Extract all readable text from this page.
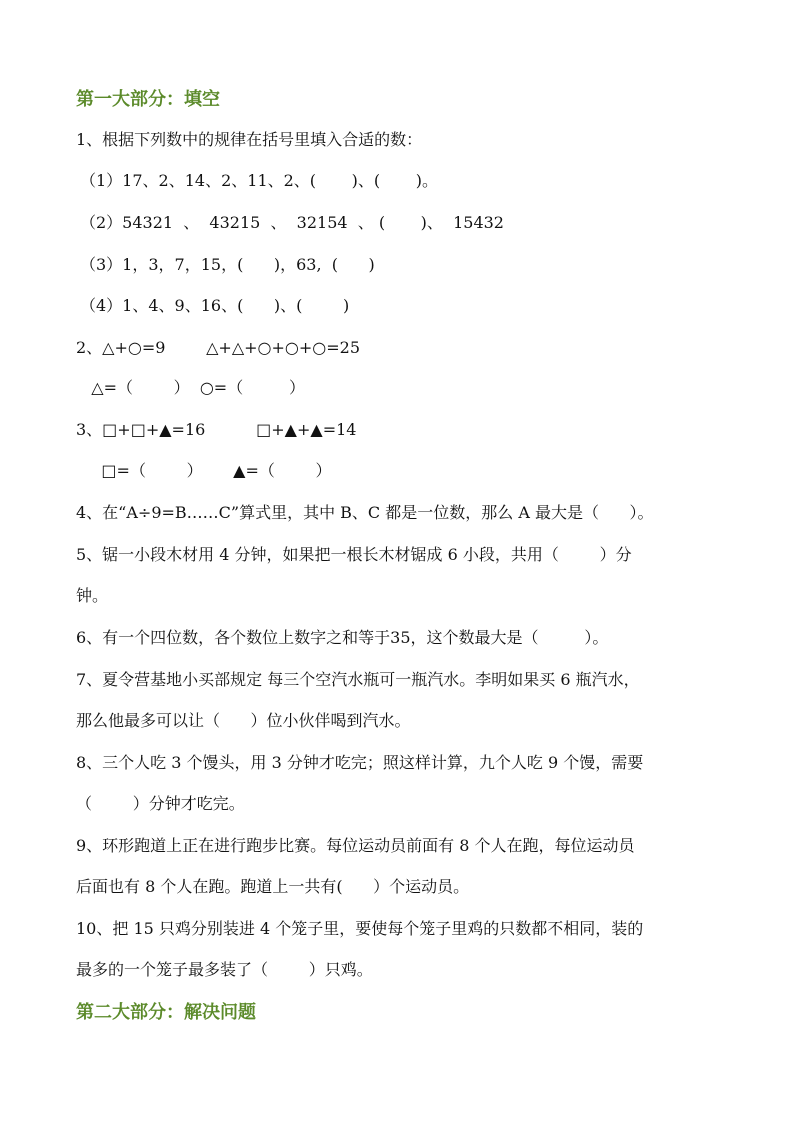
第一大部分：填空
1、根据下列数中的规律在括号里填入合适的数：
（1）17、2、14、2、11、2、(       )、(       )。
（2）54321  、  43215  、  32154  、 (       )、  15432
（3）1，3，7，15，(      )，63,  (      )
（4）1、4、9、16、(      )、(        )
2、△+○=9        △+△+○+○+○=25
△=（        ）  ○=（         ）
3、□+□+▲=16          □+▲+▲=14
□=（        ）      ▲=（        ）
4、在“A÷9=B……C”算式里，其中 B、C 都是一位数，那么 A 最大是（      ）。
5、锯一小段木材用 4 分钟，如果把一根长木材锯成 6 小段，共用（        ）分
钟。
6、有一个四位数，各个数位上数字之和等于35，这个数最大是（         ）。
7、夏令营基地小买部规定 每三个空汽水瓶可一瓶汽水。李明如果买 6 瓶汽水，
那么他最多可以让（      ）位小伙伴喝到汽水。
8、三个人吃 3 个馒头，用 3 分钟才吃完；照这样计算，九个人吃 9 个馒，需要
（        ）分钟才吃完。
9、环形跑道上正在进行跑步比赛。每位运动员前面有 8 个人在跑，每位运动员
后面也有 8 个人在跑。跑道上一共有(      ）个运动员。
10、把 15 只鸡分别装进 4 个笼子里，要使每个笼子里鸡的只数都不相同，装的
最多的一个笼子最多装了（        ）只鸡。
第二大部分：解决问题
